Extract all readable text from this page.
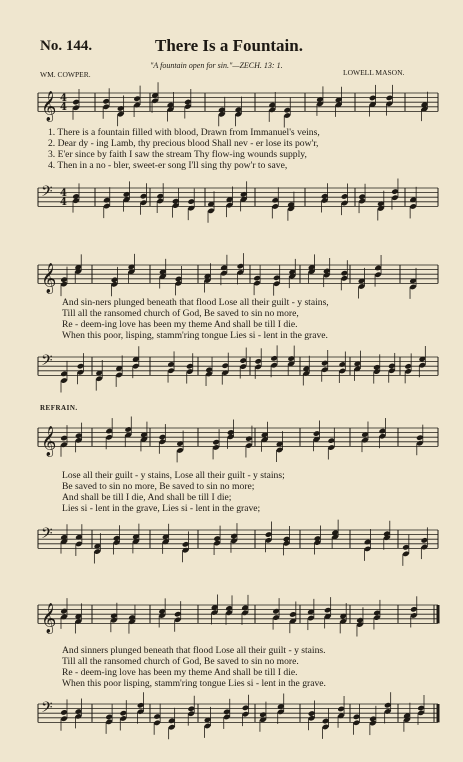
No. 144.	There Is a Fountain.
"A fountain open for sin."—ZECH. 13: 1.
WM. COWPER.	LOWELL MASON.
REFRAIN.
𝄞 4
4
𝄢 4
4
𝄞
𝄢
𝄞
𝄢
𝄞
𝄢
1. There is a fountain filled with blood, Drawn from Immanuel's veins,
2. Dear dy - ing Lamb, thy precious blood Shall nev - er lose its pow'r,
3. E'er since by faith I saw the stream Thy flow-ing wounds supply,
4. Then in a no - bler, sweet-er song I'll sing thy pow'r to save,
And sin-ners plunged beneath that flood Lose all their guilt - y stains,
Till all the ransomed church of God, Be saved to sin no more,
Re - deem-ing love has been my theme And shall be till I die.
When this poor, lisping, stamm'ring tongue Lies si - lent in the grave.
Lose all their guilt - y stains, Lose all their guilt - y stains;
Be saved to sin no more, Be saved to sin no more;
And shall be till I die, And shall be till I die;
Lies si - lent in the grave, Lies si - lent in the grave;
And sinners plunged beneath that flood Lose all their guilt - y stains.
Till all the ransomed church of God, Be saved to sin no more.
Re - deem-ing love has been my theme And shall be till I die.
When this poor lisping, stamm'ring tongue Lies si - lent in the grave.
